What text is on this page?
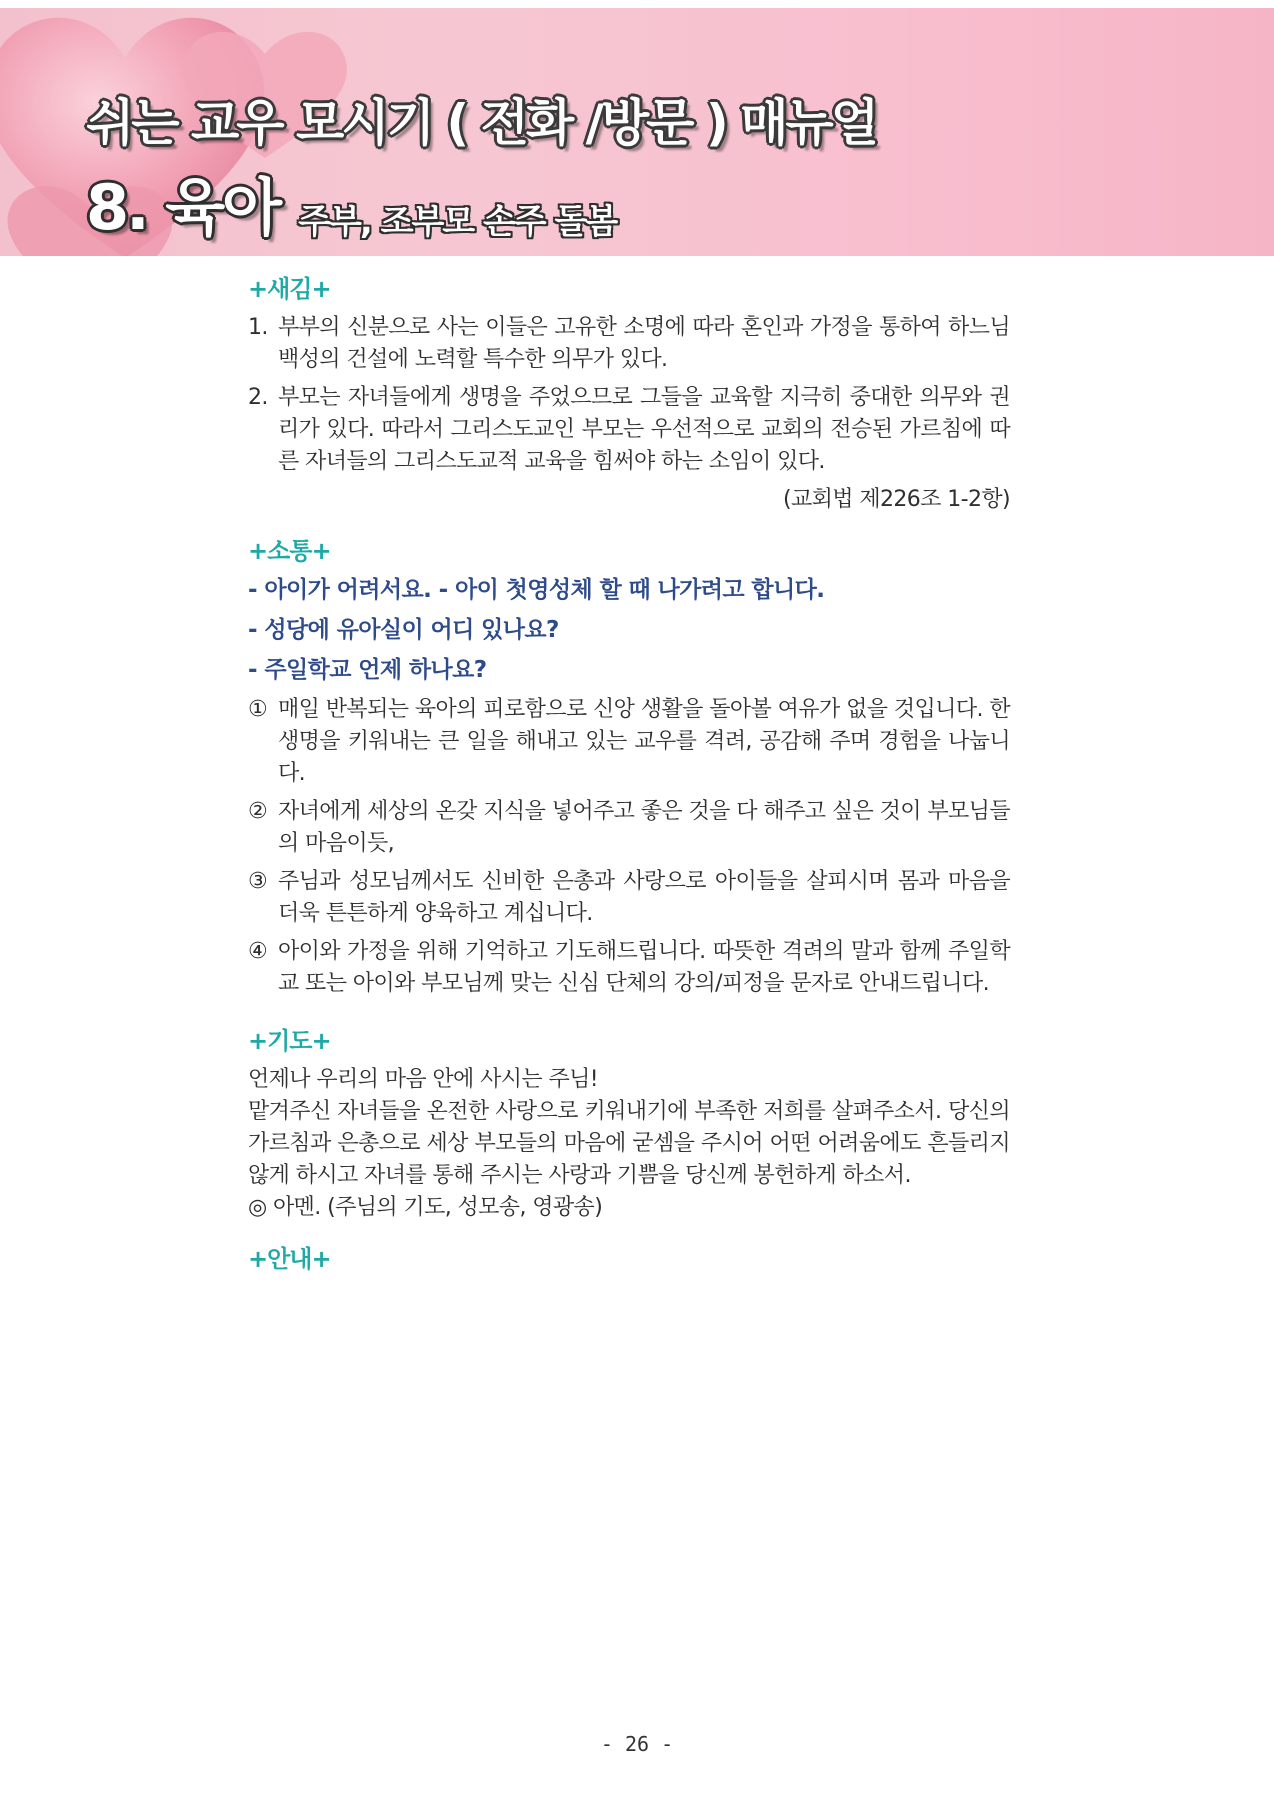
쉬는 교우 모시기 ( 전화 /방문 ) 매뉴얼
8. 육아 주부, 조부모 손주 돌봄
+새김+
1. 부부의 신분으로 사는 이들은 고유한 소명에 따라 혼인과 가정을 통하여 하느님 백성의 건설에 노력할 특수한 의무가 있다.
2. 부모는 자녀들에게 생명을 주었으므로 그들을 교육할 지극히 중대한 의무와 권리가 있다. 따라서 그리스도교인 부모는 우선적으로 교회의 전승된 가르침에 따른 자녀들의 그리스도교적 교육을 힘써야 하는 소임이 있다.
(교회법 제226조 1-2항)
+소통+
- 아이가 어려서요. - 아이 첫영성체 할 때 나가려고 합니다.
- 성당에 유아실이 어디 있나요?
- 주일학교 언제 하나요?
① 매일 반복되는 육아의 피로함으로 신앙 생활을 돌아볼 여유가 없을 것입니다. 한 생명을 키워내는 큰 일을 해내고 있는 교우를 격려, 공감해 주며 경험을 나눕니다.
② 자녀에게 세상의 온갖 지식을 넣어주고 좋은 것을 다 해주고 싶은 것이 부모님들의 마음이듯,
③ 주님과 성모님께서도 신비한 은총과 사랑으로 아이들을 살피시며 몸과 마음을 더욱 튼튼하게 양육하고 계십니다.
④ 아이와 가정을 위해 기억하고 기도해드립니다. 따뜻한 격려의 말과 함께 주일학교 또는 아이와 부모님께 맞는 신심 단체의 강의/피정을 문자로 안내드립니다.
+기도+

언제나 우리의 마음 안에 사시는 주님!

맡겨주신 자녀들을 온전한 사랑으로 키워내기에 부족한 저희를 살펴주소서. 당신의 가르침과 은총으로 세상 부모들의 마음에 굳셈을 주시어 어떤 어려움에도 흔들리지 않게 하시고 자녀를 통해 주시는 사랑과 기쁨을 당신께 봉헌하게 하소서.

◎ 아멘. (주님의 기도, 성모송, 영광송)

+안내+
- 26 -
